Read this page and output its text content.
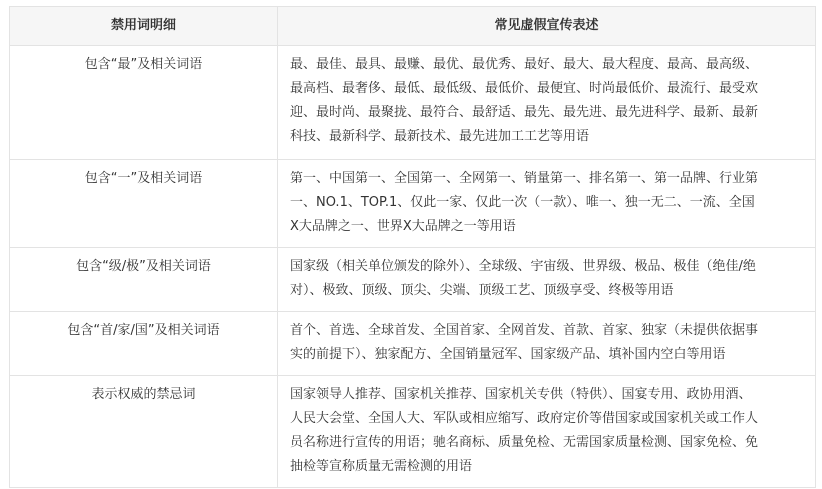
禁用词明细	常见虚假宣传表述
包含“最”及相关词语	最、最佳、最具、最赚、最优、最优秀、最好、最大、最大程度、最高、最高级、
最高档、最奢侈、最低、最低级、最低价、最便宜、时尚最低价、最流行、最受欢
迎、最时尚、最聚拢、最符合、最舒适、最先、最先进、最先进科学、最新、最新
科技、最新科学、最新技术、最先进加工工艺等用语

包含“一”及相关词语	第一、中国第一、全国第一、全网第一、销量第一、排名第一、第一品牌、行业第
一、NO.1、TOP.1、仅此一家、仅此一次（一款）、唯一、独一无二、一流、全国
X大品牌之一、世界X大品牌之一等用语

包含“级/极”及相关词语	国家级（相关单位颁发的除外）、全球级、宇宙级、世界级、极品、极佳（绝佳/绝
对）、极致、顶级、顶尖、尖端、顶级工艺、顶级享受、终极等用语

包含“首/家/国”及相关词语	首个、首选、全球首发、全国首家、全网首发、首款、首家、独家（未提供依据事
实的前提下）、独家配方、全国销量冠军、国家级产品、填补国内空白等用语

表示权威的禁忌词	国家领导人推荐、国家机关推荐、国家机关专供（特供）、国宴专用、政协用酒、
人民大会堂、全国人大、军队或相应缩写、政府定价等借国家或国家机关或工作人
员名称进行宣传的用语；驰名商标、质量免检、无需国家质量检测、国家免检、免
抽检等宣称质量无需检测的用语
